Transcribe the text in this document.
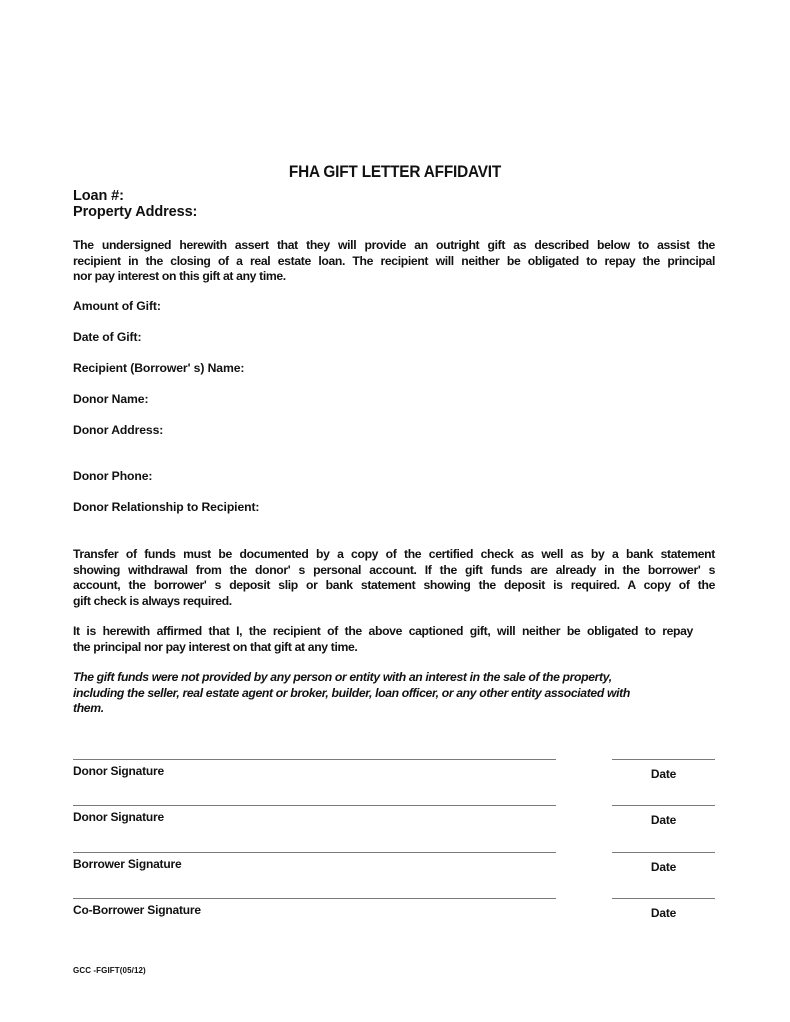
FHA GIFT LETTER AFFIDAVIT
Loan #:
Property Address:
The undersigned herewith assert that they will provide an outright gift as described below to assist the
recipient in the closing of a real estate loan. The recipient will neither be obligated to repay the principal
nor pay interest on this gift at any time.
Amount of Gift:
Date of Gift:
Recipient (Borrower' s) Name:
Donor Name:
Donor Address:
Donor Phone:
Donor Relationship to Recipient:
Transfer of funds must be documented by a copy of the certified check as well as by a bank statement
showing withdrawal from the donor' s personal account. If the gift funds are already in the borrower' s
account, the borrower' s deposit slip or bank statement showing the deposit is required. A copy of the
gift check is always required.
It is herewith affirmed that I, the recipient of the above captioned gift, will neither be obligated to repay
the principal nor pay interest on that gift at any time.
The gift funds were not provided by any person or entity with an interest in the sale of the property,
including the seller, real estate agent or broker, builder, loan officer, or any other entity associated with
them.
Donor Signature	Date
Donor Signature	Date
Borrower Signature	Date
Co-Borrower Signature	Date
GCC -FGIFT(05/12)
